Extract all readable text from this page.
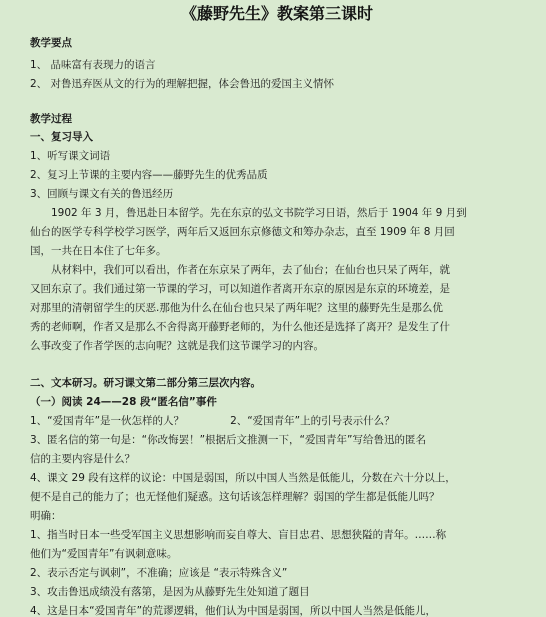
《藤野先生》教案第三课时
教学要点

1、 品味富有表现力的语言

2、 对鲁迅弃医从文的行为的理解把握，体会鲁迅的爱国主义情怀

教学过程

一、复习导入

1、听写课文词语

2、复习上节课的主要内容——藤野先生的优秀品质

3、回顾与课文有关的鲁迅经历

1902 年 3 月，鲁迅赴日本留学。先在东京的弘文书院学习日语，然后于 1904 年 9 月到

仙台的医学专科学校学习医学，两年后又返回东京修德文和筹办杂志，直至 1909 年 8 月回

国，一共在日本住了七年多。

从材料中，我们可以看出，作者在东京呆了两年，去了仙台；在仙台也只呆了两年，就

又回东京了。我们通过第一节课的学习，可以知道作者离开东京的原因是东京的环境差，是

对那里的清朝留学生的厌恶.那他为什么在仙台也只呆了两年呢？这里的藤野先生是那么优

秀的老师啊，作者又是那么不舍得离开藤野老师的，为什么他还是选择了离开？是发生了什

么事改变了作者学医的志向呢？这就是我们这节课学习的内容。

二、文本研习。研习课文第二部分第三层次内容。

（一）阅读 24——28 段“匿名信”事件

1、“爱国青年”是一伙怎样的人？	2、“爱国青年”上的引号表示什么？

3、匿名信的第一句是：“你改悔罢！”根据后文推测一下，“爱国青年”写给鲁迅的匿名

信的主要内容是什么？

4、课文 29 段有这样的议论：中国是弱国，所以中国人当然是低能儿，分数在六十分以上，

便不是自己的能力了；也无怪他们疑惑。这句话该怎样理解？弱国的学生都是低能儿吗？

明确：

1、指当时日本一些受军国主义思想影响而妄自尊大、盲目忠君、思想狭隘的青年。……称

他们为“爱国青年”有讽刺意味。

2、表示否定与讽刺”，不准确；应该是 “表示特殊含义”

3、攻击鲁迅成绩没有落第，是因为从藤野先生处知道了题目

4、这是日本“爱国青年”的荒谬逻辑，他们认为中国是弱国，所以中国人当然是低能儿，
